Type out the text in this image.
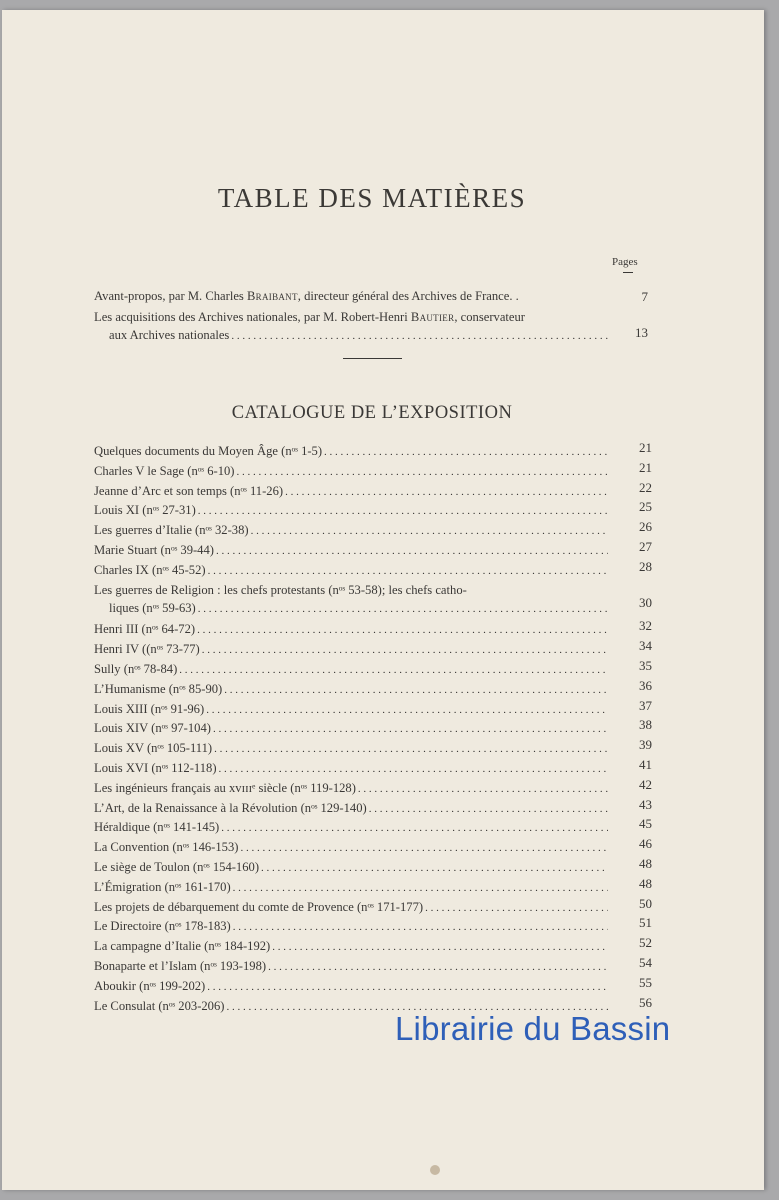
TABLE DES MATIÈRES
Pages
Avant-propos, par M. Charles Braibant, directeur général des Archives de France. .	7
Les acquisitions des Archives nationales, par M. Robert-Henri Bautier, conservateur
aux Archives nationales . . .	13
CATALOGUE DE L’EXPOSITION
Quelques documents du Moyen Âge (nᵒˢ 1-5) . . .	21
Charles V le Sage (nᵒˢ 6-10) . . .	21
Jeanne d’Arc et son temps (nᵒˢ 11-26) . . .	22
Louis XI (nᵒˢ 27-31) . . .	25
Les guerres d’Italie (nᵒˢ 32-38) . . .	26
Marie Stuart (nᵒˢ 39-44) . . .	27
Charles IX (nᵒˢ 45-52) . . .	28
Les guerres de Religion : les chefs protestants (nᵒˢ 53-58); les chefs catho-
liques (nᵒˢ 59-63) . . .	30
Henri III (nᵒˢ 64-72) . . .	32
Henri IV ((nᵒˢ 73-77) . . .	34
Sully (nᵒˢ 78-84) . . .	35
L’Humanisme (nᵒˢ 85-90) . . .	36
Louis XIII (nᵒˢ 91-96) . . .	37
Louis XIV (nᵒˢ 97-104) . . .	38
Louis XV (nᵒˢ 105-111) . . .	39
Louis XVI (nᵒˢ 112-118) . . .	41
Les ingénieurs français au xvɪɪɪᵉ siècle (nᵒˢ 119-128) . . .	42
L’Art, de la Renaissance à la Révolution (nᵒˢ 129-140) . . .	43
Héraldique (nᵒˢ 141-145) . . .	45
La Convention (nᵒˢ 146-153) . . .	46
Le siège de Toulon (nᵒˢ 154-160) . . .	48
L’Émigration (nᵒˢ 161-170) . . .	48
Les projets de débarquement du comte de Provence (nᵒˢ 171-177) . . .	50
Le Directoire (nᵒˢ 178-183) . . .	51
La campagne d’Italie (nᵒˢ 184-192) . . .	52
Bonaparte et l’Islam (nᵒˢ 193-198) . . .	54
Aboukir (nᵒˢ 199-202) . . .	55
Le Consulat (nᵒˢ 203-206) . . .	56
Librairie du Bassin
